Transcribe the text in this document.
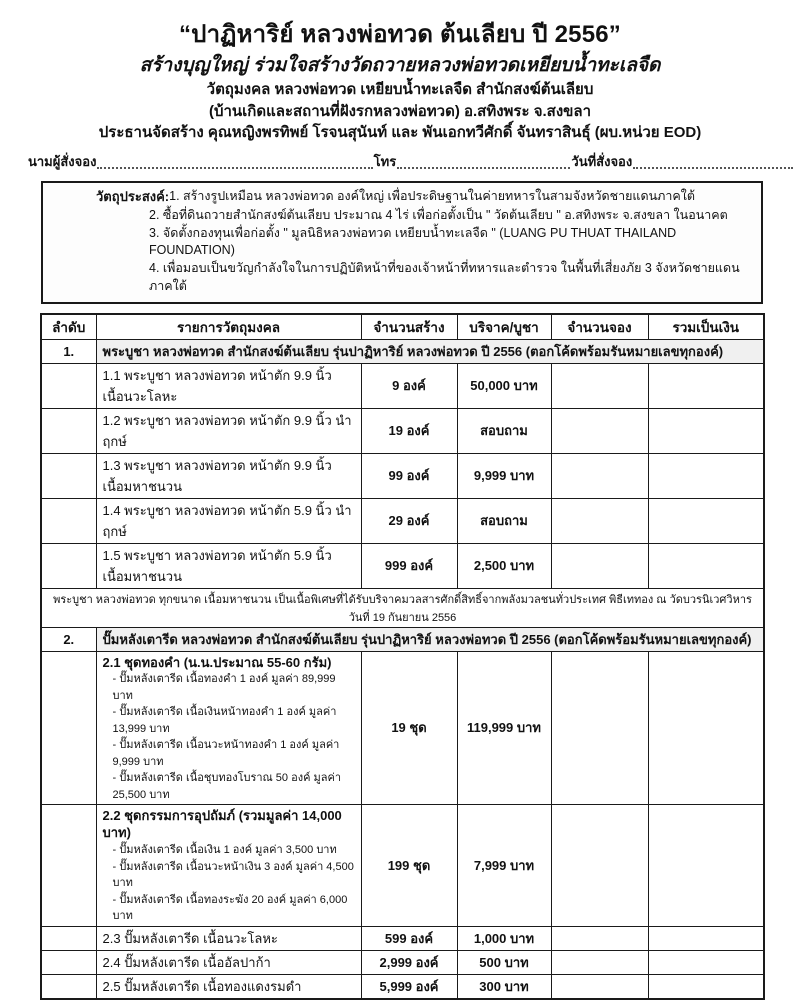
“ปาฏิหาริย์ หลวงพ่อทวด ต้นเลียบ ปี 2556”
สร้างบุญใหญ่ ร่วมใจสร้างวัดถวายหลวงพ่อทวดเหยียบน้ำทะเลจืด
วัตถุมงคล หลวงพ่อทวด เหยียบน้ำทะเลจืด สำนักสงฆ์ต้นเลียบ
(บ้านเกิดและสถานที่ฝังรกหลวงพ่อทวด) อ.สทิงพระ จ.สงขลา
ประธานจัดสร้าง คุณหญิงพรทิพย์ โรจนสุนันท์ และ พันเอกทวีศักดิ์ จันทราสินธุ์ (ผบ.หน่วย EOD)
นามผู้สั่งจอง	โทร	วันที่สั่งจอง
วัตถุประสงค์: 1. สร้างรูปเหมือน หลวงพ่อทวด องค์ใหญ่ เพื่อประดิษฐานในค่ายทหารในสามจังหวัดชายแดนภาคใต้
2. ซื้อที่ดินถวายสำนักสงฆ์ต้นเลียบ ประมาณ 4 ไร่ เพื่อก่อตั้งเป็น " วัดต้นเลียบ " อ.สทิงพระ จ.สงขลา ในอนาคต
3. จัดตั้งกองทุนเพื่อก่อตั้ง " มูลนิธิหลวงพ่อทวด เหยียบน้ำทะเลจืด " (LUANG PU THUAT THAILAND FOUNDATION)
4. เพื่อมอบเป็นขวัญกำลังใจในการปฏิบัติหน้าที่ของเจ้าหน้าที่ทหารและตำรวจ ในพื้นที่เสี่ยงภัย 3 จังหวัดชายแดนภาคใต้
ลำดับ	รายการวัตถุมงคล	จำนวนสร้าง	บริจาค/บูชา	จำนวนจอง	รวมเป็นเงิน
1.	พระบูชา หลวงพ่อทวด สำนักสงฆ์ต้นเลียบ รุ่นปาฏิหาริย์ หลวงพ่อทวด ปี 2556 (ตอกโค้ดพร้อมรันหมายเลขทุกองค์)				
	1.1 พระบูชา หลวงพ่อทวด หน้าตัก 9.9 นิ้ว เนื้อนวะโลหะ	9 องค์	50,000 บาท		
	1.2 พระบูชา หลวงพ่อทวด หน้าตัก 9.9 นิ้ว นำฤกษ์	19 องค์	สอบถาม		
	1.3 พระบูชา หลวงพ่อทวด หน้าตัก 9.9 นิ้ว เนื้อมหาชนวน	99 องค์	9,999 บาท		
	1.4 พระบูชา หลวงพ่อทวด หน้าตัก 5.9 นิ้ว นำฤกษ์	29 องค์	สอบถาม		
	1.5 พระบูชา หลวงพ่อทวด หน้าตัก 5.9 นิ้ว เนื้อมหาชนวน	999 องค์	2,500 บาท		
พระบูชา หลวงพ่อทวด ทุกขนาด เนื้อมหาชนวน เป็นเนื้อพิเศษที่ได้รับบริจาคมวลสารศักดิ์สิทธิ์จากพลังมวลชนทั่วประเทศ พิธีเททอง ณ วัดบวรนิเวศวิหาร วันที่ 19 กันยายน 2556					
2.	ปั๊มหลังเตารีด หลวงพ่อทวด สำนักสงฆ์ต้นเลียบ รุ่นปาฏิหาริย์ หลวงพ่อทวด ปี 2556 (ตอกโค้ดพร้อมรันหมายเลขทุกองค์)				

	2.1 ชุดทองคำ (น.น.ประมาณ 55-60 กรัม)
- ปั๊มหลังเตารีด เนื้อทองคำ 1 องค์ มูลค่า 89,999 บาท
- ปั๊มหลังเตารีด เนื้อเงินหน้าทองคำ 1 องค์ มูลค่า 13,999 บาท
- ปั๊มหลังเตารีด เนื้อนวะหน้าทองคำ 1 องค์ มูลค่า 9,999 บาท
- ปั๊มหลังเตารีด เนื้อชุบทองโบราณ 50 องค์ มูลค่า 25,500 บาท	19 ชุด	119,999 บาท		

	2.2 ชุดกรรมการอุปถัมภ์ (รวมมูลค่า 14,000 บาท)
- ปั๊มหลังเตารีด เนื้อเงิน 1 องค์ มูลค่า 3,500 บาท
- ปั๊มหลังเตารีด เนื้อนวะหน้าเงิน 3 องค์ มูลค่า 4,500 บาท
- ปั๊มหลังเตารีด เนื้อทองระฆัง 20 องค์ มูลค่า 6,000 บาท	199 ชุด	7,999 บาท		
	2.3 ปั๊มหลังเตารีด เนื้อนวะโลหะ	599 องค์	1,000 บาท		
	2.4 ปั๊มหลังเตารีด เนื้ออัลปาก้า	2,999 องค์	500 บาท		
	2.5 ปั๊มหลังเตารีด เนื้อทองแดงรมดำ	5,999 องค์	300 บาท		
